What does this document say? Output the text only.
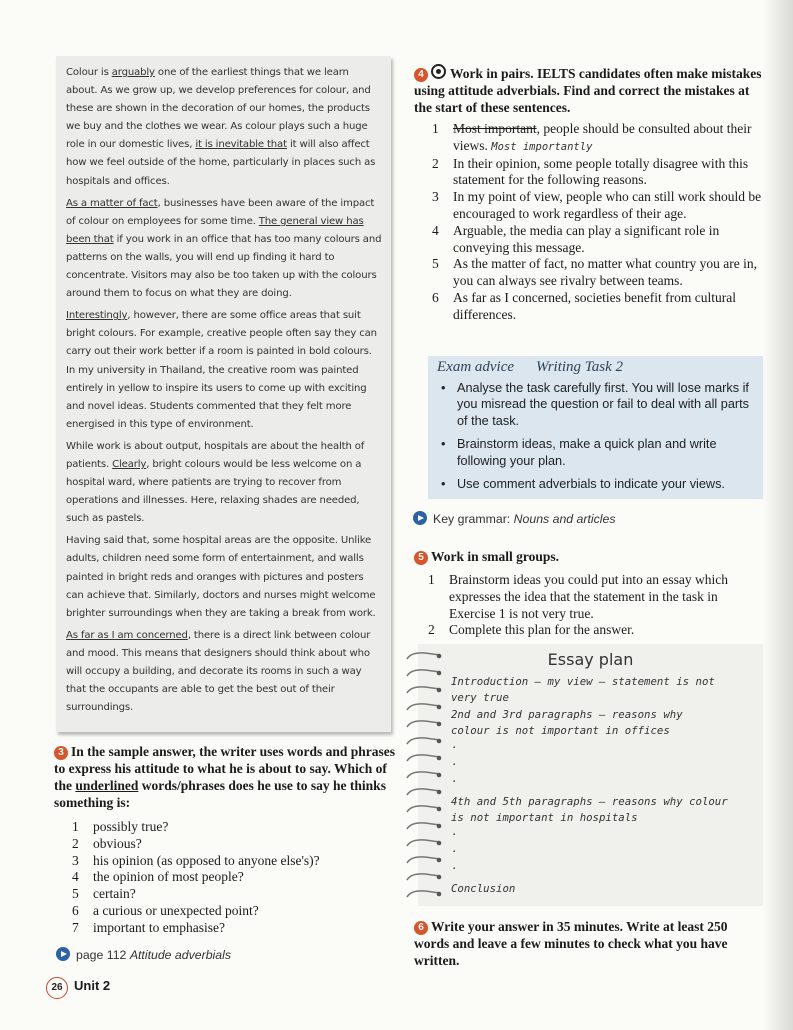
Colour is arguably one of the earliest things that we learn about. As we grow up, we develop preferences for colour, and these are shown in the decoration of our homes, the products we buy and the clothes we wear. As colour plays such a huge role in our domestic lives, it is inevitable that it will also affect how we feel outside of the home, particularly in places such as hospitals and offices.

As a matter of fact, businesses have been aware of the impact of colour on employees for some time. The general view has been that if you work in an office that has too many colours and patterns on the walls, you will end up finding it hard to concentrate. Visitors may also be too taken up with the colours around them to focus on what they are doing.

Interestingly, however, there are some office areas that suit bright colours. For example, creative people often say they can carry out their work better if a room is painted in bold colours. In my university in Thailand, the creative room was painted entirely in yellow to inspire its users to come up with exciting and novel ideas. Students commented that they felt more energised in this type of environment.

While work is about output, hospitals are about the health of patients. Clearly, bright colours would be less welcome on a hospital ward, where patients are trying to recover from operations and illnesses. Here, relaxing shades are needed, such as pastels.

Having said that, some hospital areas are the opposite. Unlike adults, children need some form of entertainment, and walls painted in bright reds and oranges with pictures and posters can achieve that. Similarly, doctors and nurses might welcome brighter surroundings when they are taking a break from work.

As far as I am concerned, there is a direct link between colour and mood. This means that designers should think about who will occupy a building, and decorate its rooms in such a way that the occupants are able to get the best out of their surroundings.

3 In the sample answer, the writer uses words and phrases to express his attitude to what he is about to say. Which of the underlined words/phrases does he use to say he thinks something is:
1 possibly true?
2 obvious?
3 his opinion (as opposed to anyone else's)?
4 the opinion of most people?
5 certain?
6 a curious or unexpected point?
7 important to emphasise?
page 112 Attitude adverbials
4 Work in pairs. IELTS candidates often make mistakes using attitude adverbials. Find and correct the mistakes at the start of these sentences.
1 Most important, people should be consulted about their views. Most importantly
2 In their opinion, some people totally disagree with this statement for the following reasons.
3 In my point of view, people who can still work should be encouraged to work regardless of their age.
4 Arguable, the media can play a significant role in conveying this message.
5 As the matter of fact, no matter what country you are in, you can always see rivalry between teams.
6 As far as I concerned, societies benefit from cultural differences.
Exam advice Writing Task 2
• Analyse the task carefully first. You will lose marks if you misread the question or fail to deal with all parts of the task.
• Brainstorm ideas, make a quick plan and write following your plan.
• Use comment adverbials to indicate your views.
Key grammar: Nouns and articles
5 Work in small groups.
1 Brainstorm ideas you could put into an essay which expresses the idea that the statement in the task in Exercise 1 is not very true.
2 Complete this plan for the answer.
Essay plan
Introduction – my view – statement is not
very true
2nd and 3rd paragraphs – reasons why
colour is not important in offices
·
·
·
4th and 5th paragraphs – reasons why colour
is not important in hospitals
·
·
·
Conclusion
6 Write your answer in 35 minutes. Write at least 250 words and leave a few minutes to check what you have written.
26 Unit 2
